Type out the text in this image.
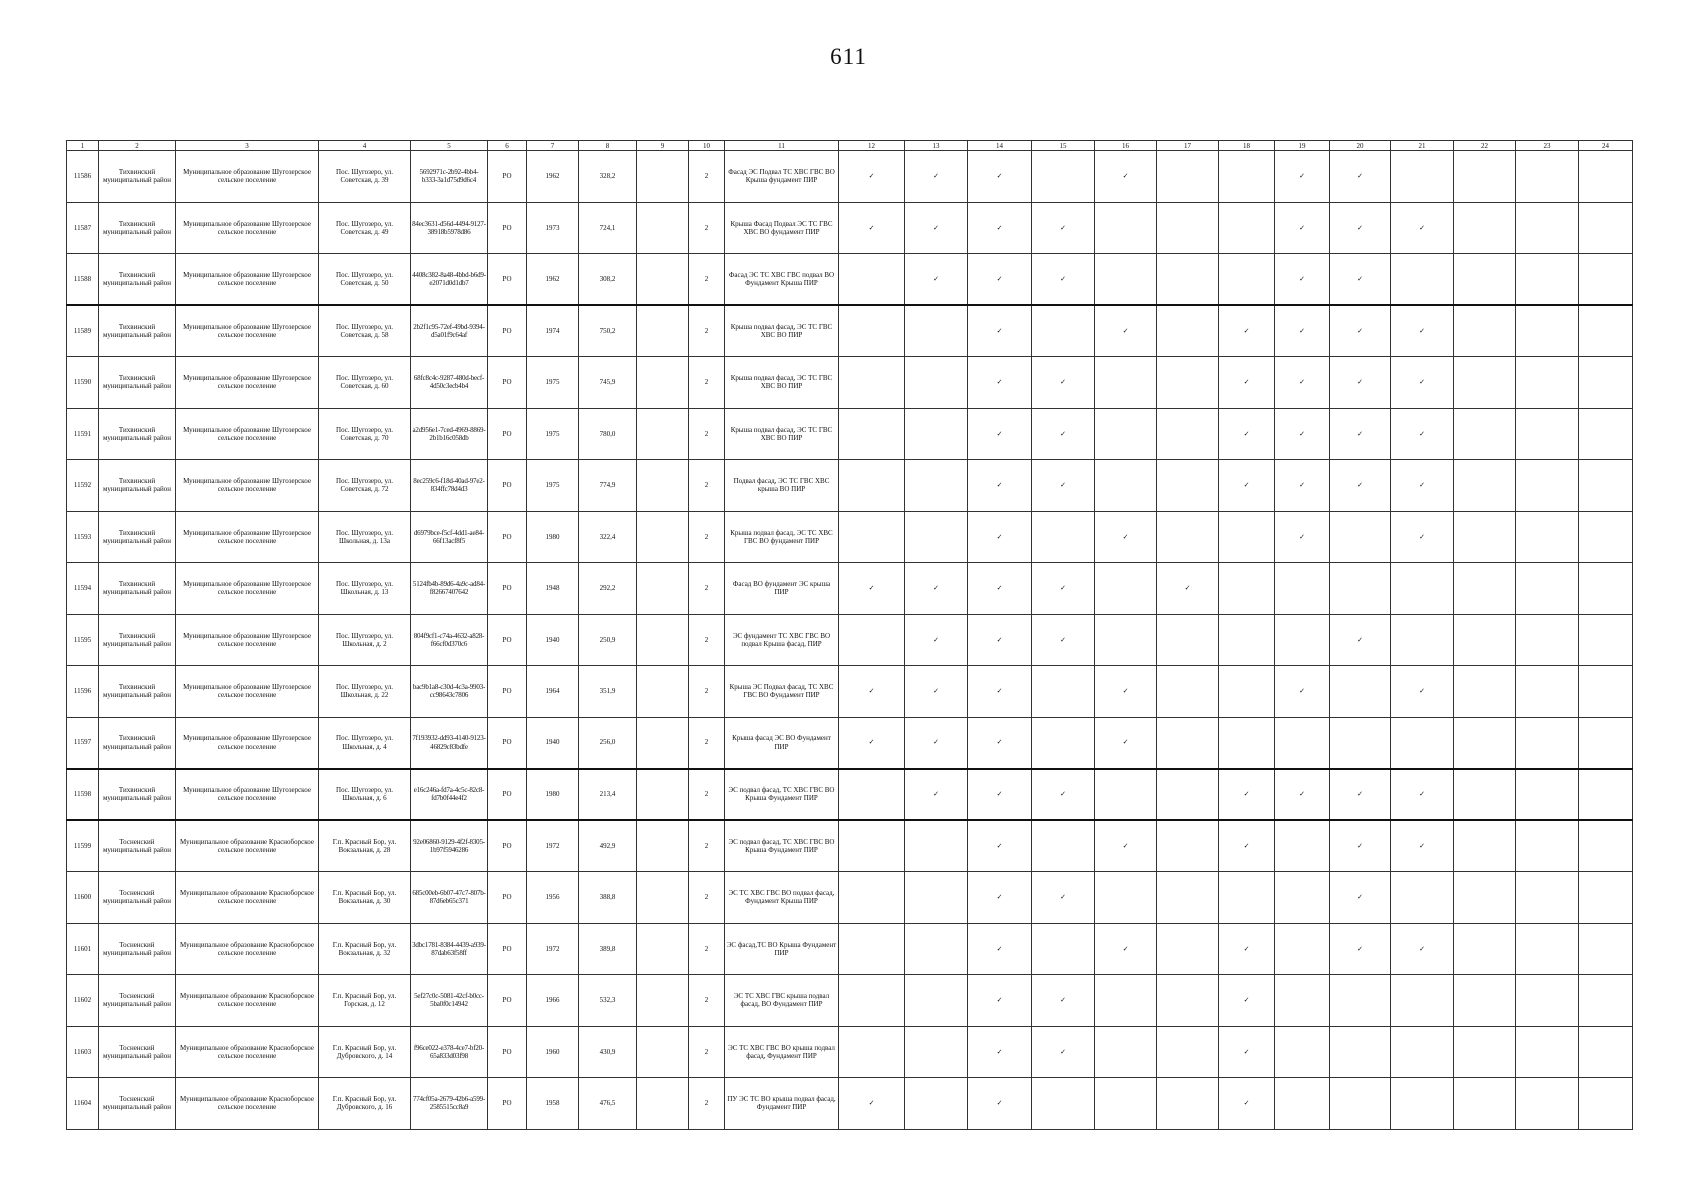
611
1	2	3	4	5	6	7	8	9	10	11	12	13	14	15	16	17	18	19	20	21	22	23	24
11586	Тихвинский муниципальный район	Муниципальное образование Шугозерское сельское поселение	Пос. Шугозеро, ул. Советская, д. 39	5692971c-2b92-4bb4-b333-3a1d75d9d6c4	РО	1962	328,2		2	Фасад ЭС Подвал ТС ХВС ГВС ВО Крыша фундамент ПИР	✓	✓	✓		✓			✓	✓				
11587	Тихвинский муниципальный район	Муниципальное образование Шугозерское сельское поселение	Пос. Шугозеро, ул. Советская, д. 49	84ec3631-d56d-4494-9127-38918b5978d86	РО	1973	724,1		2	Крыша Фасад Подвал ЭС ТС ГВС ХВС ВО фундамент ПИР	✓	✓	✓	✓				✓	✓	✓			
11588	Тихвинский муниципальный район	Муниципальное образование Шугозерское сельское поселение	Пос. Шугозеро, ул. Советская, д. 50	4408c382-8a48-4bbd-b6d9-e2071d0d1db7	РО	1962	308,2		2	Фасад ЭС ТС ХВС ГВС подвал ВО Фундамент Крыша ПИР		✓	✓	✓				✓	✓				
11589	Тихвинский муниципальный район	Муниципальное образование Шугозерское сельское поселение	Пос. Шугозеро, ул. Советская, д. 58	2b2f1c95-72ef-49bd-9394-d5a01f9c64af	РО	1974	750,2		2	Крыша подвал фасад, ЭС ТС ГВС ХВС ВО ПИР			✓		✓		✓	✓	✓	✓			
11590	Тихвинский муниципальный район	Муниципальное образование Шугозерское сельское поселение	Пос. Шугозеро, ул. Советская, д. 60	68fc8c4c-9287-480d-becf-4d50c3ecb4b4	РО	1975	745,9		2	Крыша подвал фасад, ЭС ТС ГВС ХВС ВО ПИР			✓	✓			✓	✓	✓	✓			
11591	Тихвинский муниципальный район	Муниципальное образование Шугозерское сельское поселение	Пос. Шугозеро, ул. Советская, д. 70	a2d956e1-7ced-4969-8869-2b1b16c058db	РО	1975	780,0		2	Крыша подвал фасад, ЭС ТС ГВС ХВС ВО ПИР			✓	✓			✓	✓	✓	✓			
11592	Тихвинский муниципальный район	Муниципальное образование Шугозерское сельское поселение	Пос. Шугозеро, ул. Советская, д. 72	8ec259c6-f18d-40ad-97e2-834ffc78d4d3	РО	1975	774,9		2	Подвал фасад, ЭС ТС ГВС ХВС крыша ВО ПИР			✓	✓			✓	✓	✓	✓			
11593	Тихвинский муниципальный район	Муниципальное образование Шугозерское сельское поселение	Пос. Шугозеро, ул. Школьная, д. 13а	d6979bce-f5cf-4dd1-ae84-66f13acf8f5	РО	1980	322,4		2	Крыша подвал фасад, ЭС ТС ХВС ГВС ВО фундамент ПИР			✓		✓			✓		✓			
11594	Тихвинский муниципальный район	Муниципальное образование Шугозерское сельское поселение	Пос. Шугозеро, ул. Школьная, д. 13	5124fb4b-89d6-4a9c-ad84-f82667407642	РО	1948	292,2		2	Фасад ВО фундамент ЭС крыша ПИР	✓	✓	✓	✓		✓							
11595	Тихвинский муниципальный район	Муниципальное образование Шугозерское сельское поселение	Пос. Шугозеро, ул. Школьная, д. 2	804f9cf1-c74a-4632-a828-f66cf0d370c6	РО	1940	250,9		2	ЭС фундамент ТС ХВС ГВС ВО подвал Крыша фасад, ПИР		✓	✓	✓					✓				
11596	Тихвинский муниципальный район	Муниципальное образование Шугозерское сельское поселение	Пос. Шугозеро, ул. Школьная, д. 22	bac9b1a8-c30d-4c3a-9903-cc98643c7806	РО	1964	351,9		2	Крыша ЭС Подвал фасад, ТС ХВС ГВС ВО Фундамент ПИР	✓	✓	✓		✓			✓		✓			
11597	Тихвинский муниципальный район	Муниципальное образование Шугозерское сельское поселение	Пос. Шугозеро, ул. Школьная, д. 4	7f193932-dd93-4140-9123-46829c83bdfe	РО	1940	256,0		2	Крыша фасад ЭС ВО Фундамент ПИР	✓	✓	✓		✓								
11598	Тихвинский муниципальный район	Муниципальное образование Шугозерское сельское поселение	Пос. Шугозеро, ул. Школьная, д. 6	e16c246a-fd7a-4c5c-82c8-fd7b0f44e4f2	РО	1980	213,4		2	ЭС подвал фасад, ТС ХВС ГВС ВО Крыша Фундамент ПИР		✓	✓	✓			✓	✓	✓	✓			
11599	Тосненский муниципальный район	Муниципальное образование Красноборское сельское поселение	Г.п. Красный Бор, ул. Вокзальная, д. 28	92e06860-9129-4f2f-8305-1b97f5946286	РО	1972	492,9		2	ЭС подвал фасад, ТС ХВС ГВС ВО Крыша Фундамент ПИР			✓		✓		✓		✓	✓			
11600	Тосненский муниципальный район	Муниципальное образование Красноборское сельское поселение	Г.п. Красный Бор, ул. Вокзальная, д. 30	685c00eb-6b07-47c7-807b-87d6eb65c371	РО	1956	388,8		2	ЭС ТС ХВС ГВС ВО подвал фасад, Фундамент Крыша ПИР			✓	✓					✓				
11601	Тосненский муниципальный район	Муниципальное образование Красноборское сельское поселение	Г.п. Красный Бор, ул. Вокзальная, д. 32	3dbc1781-8384-4439-a939-87dab63f58ff	РО	1972	389,8		2	ЭС фасад,ТС ВО Крыша Фундамент ПИР			✓		✓		✓		✓	✓			
11602	Тосненский муниципальный район	Муниципальное образование Красноборское сельское поселение	Г.п. Красный Бор, ул. Горская, д. 12	5ef27c0c-5081-42cf-b0cc-5ba0f0c14942	РО	1966	532,3		2	ЭС ТС ХВС ГВС крыша подвал фасад, ВО Фундамент ПИР			✓	✓			✓						
11603	Тосненский муниципальный район	Муниципальное образование Красноборское сельское поселение	Г.п. Красный Бор, ул. Дубровского, д. 14	f96ce022-e378-4ce7-bf20-65a833d03f98	РО	1960	430,9		2	ЭС ТС ХВС ГВС ВО крыша подвал фасад, Фундамент ПИР			✓	✓			✓						
11604	Тосненский муниципальный район	Муниципальное образование Красноборское сельское поселение	Г.п. Красный Бор, ул. Дубровского, д. 16	774cf05a-2679-42b6-a599-2585515cc8a9	РО	1958	476,5		2	ПУ ЭС ТС ВО крыша подвал фасад, Фундамент ПИР	✓		✓				✓						
